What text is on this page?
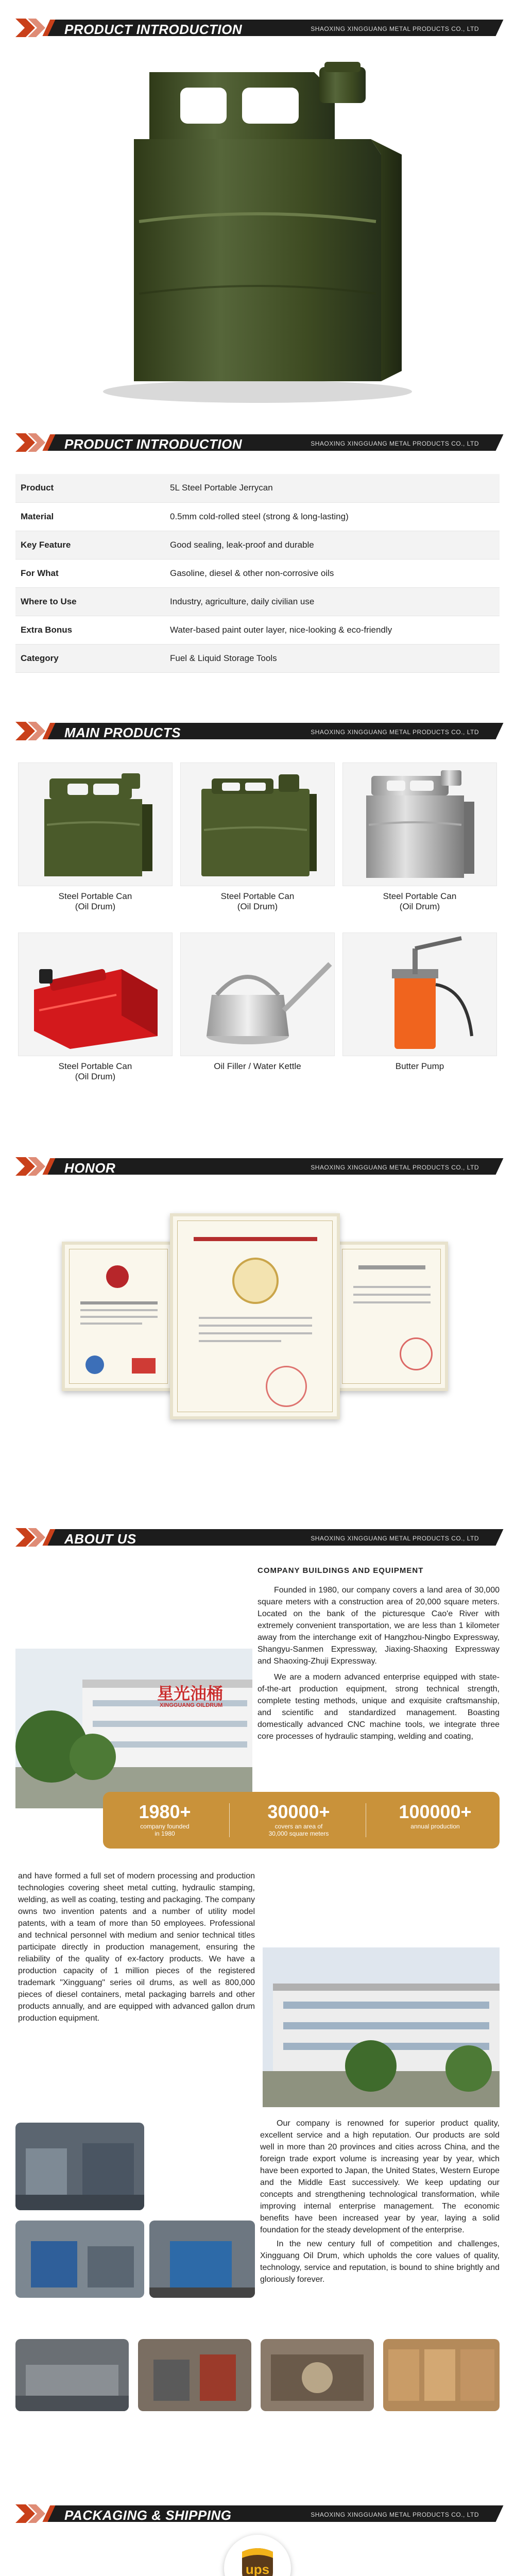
PRODUCT INTRODUCTION	SHAOXING XINGGUANG METAL PRODUCTS CO., LTD
PRODUCT INTRODUCTION	SHAOXING XINGGUANG METAL PRODUCTS CO., LTD
Product	5L Steel Portable Jerrycan
Material	0.5mm cold-rolled steel (strong & long-lasting)
Key Feature	Good sealing, leak-proof and durable
For What	Gasoline, diesel & other non-corrosive oils
Where to Use	Industry, agriculture, daily civilian use
Extra Bonus	Water-based paint outer layer, nice-looking & eco-friendly
Category	Fuel & Liquid Storage Tools
MAIN PRODUCTS	SHAOXING XINGGUANG METAL PRODUCTS CO., LTD
Steel Portable Can
(Oil Drum)
Steel Portable Can
(Oil Drum)
Steel Portable Can
(Oil Drum)
Steel Portable Can
(Oil Drum)
Oil Filler / Water Kettle	Butter Pump
HONOR	SHAOXING XINGGUANG METAL PRODUCTS CO., LTD
ABOUT US	SHAOXING XINGGUANG METAL PRODUCTS CO., LTD
COMPANY BUILDINGS AND EQUIPMENT
星光油桶
XINGGUANG OILDRUM

Founded in 1980, our company covers a land area of 30,000 square meters with a construction area of 20,000 square meters. Located on the bank of the picturesque Cao'e River with extremely convenient transportation, we are less than 1 kilometer away from the interchange exit of Hangzhou-Ningbo Expressway, Shangyu-Sanmen Expressway, Jiaxing-Shaoxing Expressway and Shaoxing-Zhuji Expressway.

We are a modern advanced enterprise equipped with state-of-the-art production equipment, strong technical strength, complete testing methods, unique and exquisite craftsmanship, and scientific and standardized management. Boasting domestically advanced CNC machine tools, we integrate three core processes of hydraulic stamping, welding and coating,

1980+
company founded
in 1980
30000+
covers an area of
30,000 square meters
100000+
annual production
and have formed a full set of modern processing and production technologies covering sheet metal cutting, hydraulic stamping, welding, as well as coating, testing and packaging. The company owns two invention patents and a number of utility model patents, with a team of more than 50 employees. Professional and technical personnel with medium and senior technical titles participate directly in production management, ensuring the reliability of the quality of ex-factory products. We have a production capacity of 1 million pieces of the registered trademark "Xingguang" series oil drums, as well as 800,000 pieces of diesel containers, metal packaging barrels and other products annually, and are equipped with advanced gallon drum production equipment.

Our company is renowned for superior product quality, excellent service and a high reputation. Our products are sold well in more than 20 provinces and cities across China, and the foreign trade export volume is increasing year by year, which have been exported to Japan, the United States, Western Europe and the Middle East successively. We keep updating our concepts and strengthening technological transformation, while improving internal enterprise management. The economic benefits have been increased year by year, laying a solid foundation for the steady development of the enterprise.

In the new century full of competition and challenges, Xingguang Oil Drum, which upholds the core values of quality, technology, service and reputation, is bound to shine brightly and gloriously forever.

PACKAGING & SHIPPING	SHAOXING XINGGUANG METAL PRODUCTS CO., LTD
ups
